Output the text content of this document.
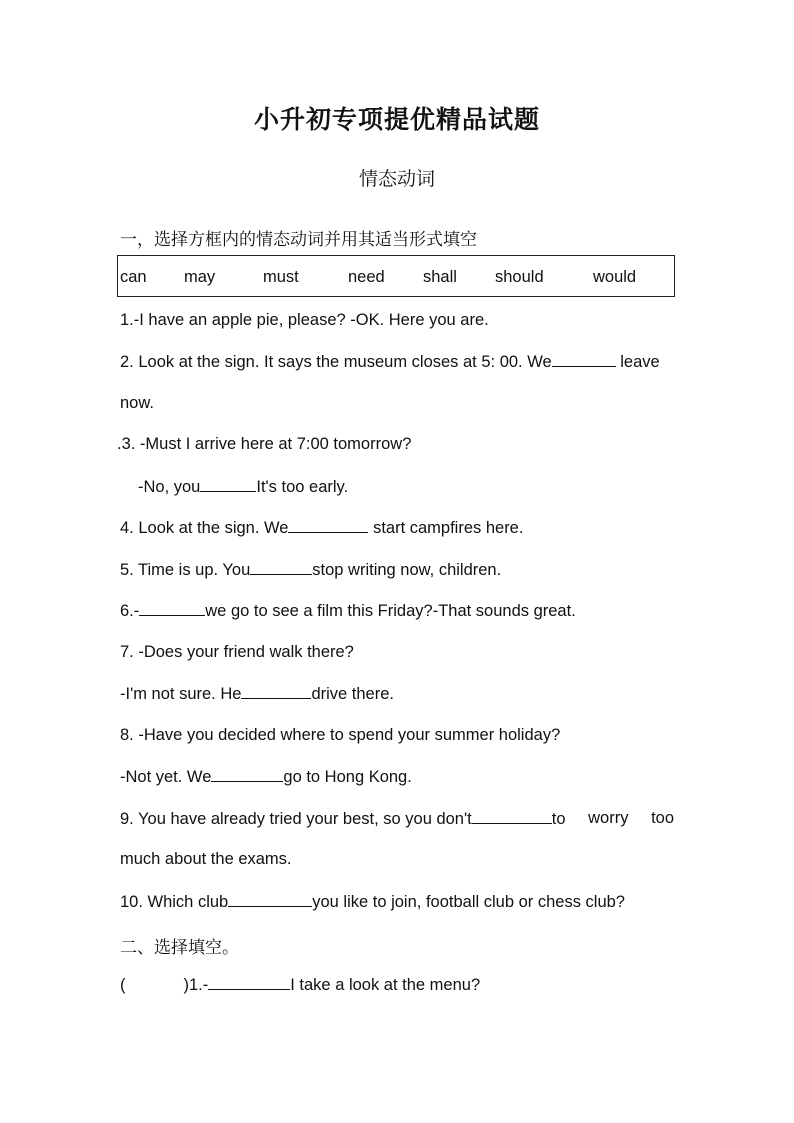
小升初专项提优精品试题
情态动词
一，选择方框内的情态动词并用其适当形式填空
can may	must	need shall should	would
1.-I have an apple pie, please? -OK. Here you are.
2. Look at the sign. It says the museum closes at 5: 00. We	leave
now.
.3. -Must I arrive here at 7:00 tomorrow?
-No, you	It's too early.
4. Look at the sign. We	start campfires here.
5. Time is up. You	stop writing now, children.
6.-	we go to see a film this Friday?-That sounds great.
7. -Does your friend walk there?
-I'm not sure. He	drive there.
8. -Have you decided where to spend your summer holiday?
-Not yet. We	go to Hong Kong.
9. You have already tried your best, so you don't	to worry too
much about the exams.
10. Which club	you like to join, football club or chess club?
二、选择填空。
(	)1.-	I take a look at the menu?
